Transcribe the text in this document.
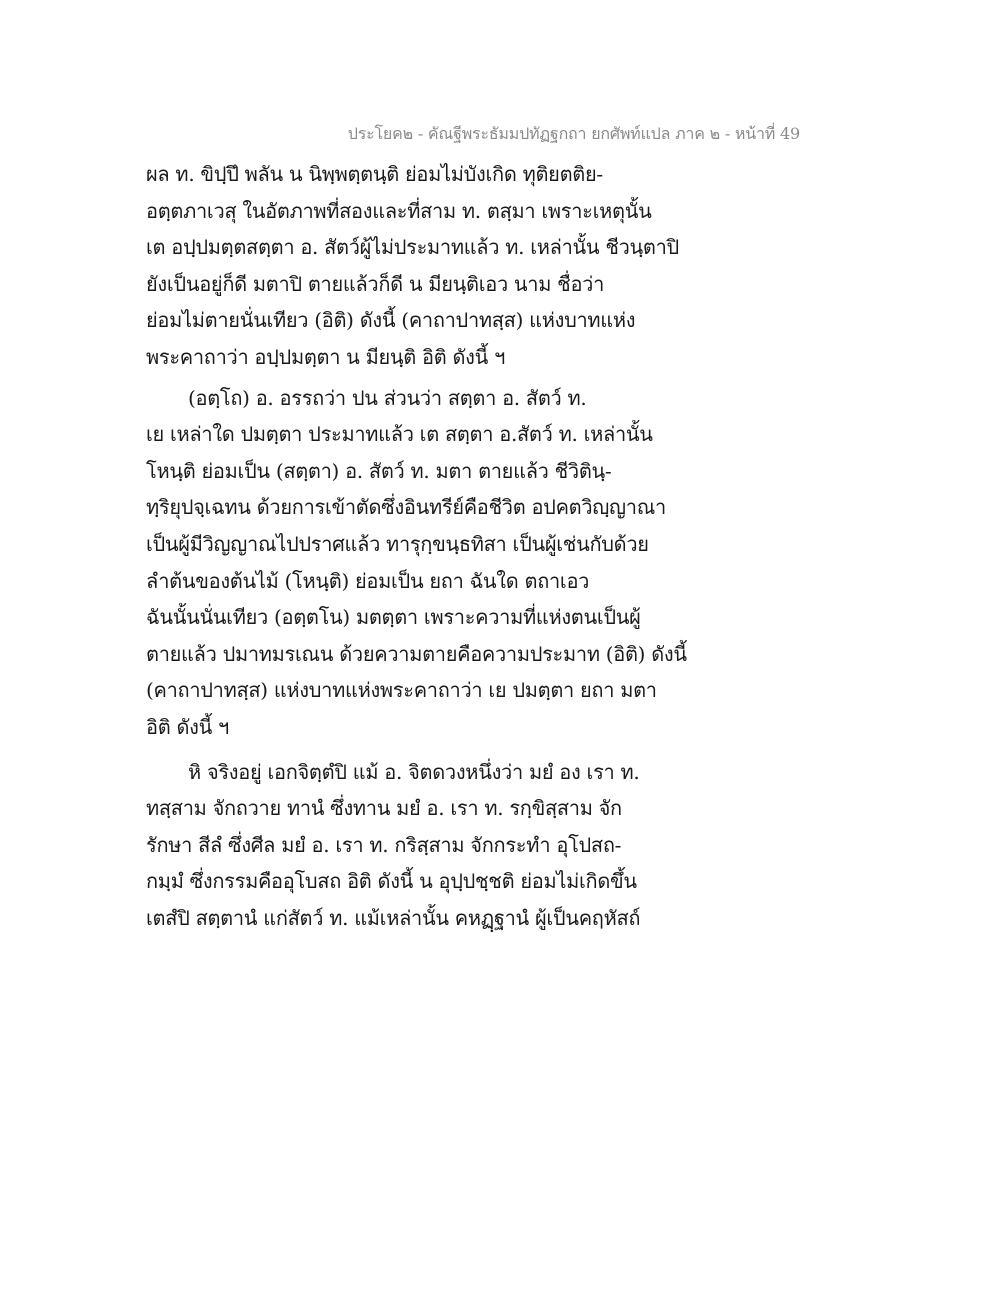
ประโยค๒ - คัณฐีพระธัมมปทัฏฐกถา ยกศัพท์แปล ภาค ๒ - หน้าที่ 49
ผล ท. ขิปฺปึ พลัน น นิพฺพตฺตนฺติ ย่อมไม่บังเกิด ทุติยตติย-
อตฺตภาเวสุ ในอัตภาพที่สองและที่สาม ท. ตสฺมา เพราะเหตุนั้น
เต อปฺปมตฺตสตฺตา อ. สัตว์ผู้ไม่ประมาทแล้ว ท. เหล่านั้น ชีวนฺตาปิ
ยังเป็นอยู่ก็ดี มตาปิ ตายแล้วก็ดี น มียนฺติเอว นาม ชื่อว่า
ย่อมไม่ตายนั่นเทียว (อิติ) ดังนี้ (คาถาปาทสฺส) แห่งบาทแห่ง
พระคาถาว่า อปฺปมตฺตา น มียนฺติ อิติ ดังนี้ ฯ
(อตฺโถ) อ. อรรถว่า ปน ส่วนว่า สตฺตา อ. สัตว์ ท.
เย เหล่าใด ปมตฺตา ประมาทแล้ว เต สตฺตา อ.สัตว์ ท. เหล่านั้น
โหนฺติ ย่อมเป็น (สตฺตา) อ. สัตว์ ท. มตา ตายแล้ว ชีวิตินฺ-
ทฺริยุปจฺเฉทน ด้วยการเข้าตัดซึ่งอินทรีย์คือชีวิต อปคตวิญฺญาณา
เป็นผู้มีวิญญาณไปปราศแล้ว ทารุกฺขนฺธทิสา เป็นผู้เช่นกับด้วย
ลำต้นของต้นไม้ (โหนฺติ) ย่อมเป็น ยถา ฉันใด ตถาเอว
ฉันนั้นนั่นเทียว (อตฺตโน) มตตฺตา เพราะความที่แห่งตนเป็นผู้
ตายแล้ว ปมาทมรเณน ด้วยความตายคือความประมาท (อิติ) ดังนี้
(คาถาปาทสฺส) แห่งบาทแห่งพระคาถาว่า เย ปมตฺตา ยถา มตา
อิติ ดังนี้ ฯ
หิ จริงอยู่ เอกจิตฺตํปิ แม้ อ. จิตดวงหนึ่งว่า มยํ อง เรา ท.
ทสฺสาม จักถวาย ทานํ ซึ่งทาน มยํ อ. เรา ท. รกฺขิสฺสาม จัก
รักษา สีลํ ซึ่งศีล มยํ อ. เรา ท. กริสฺสาม จักกระทำ อุโปสถ-
กมฺมํ ซึ่งกรรมคืออุโบสถ อิติ ดังนี้ น อุปฺปชฺชติ ย่อมไม่เกิดขึ้น
เตสํปิ สตฺตานํ แก่สัตว์ ท. แม้เหล่านั้น คหฏฺฐานํ ผู้เป็นคฤหัสถ์
